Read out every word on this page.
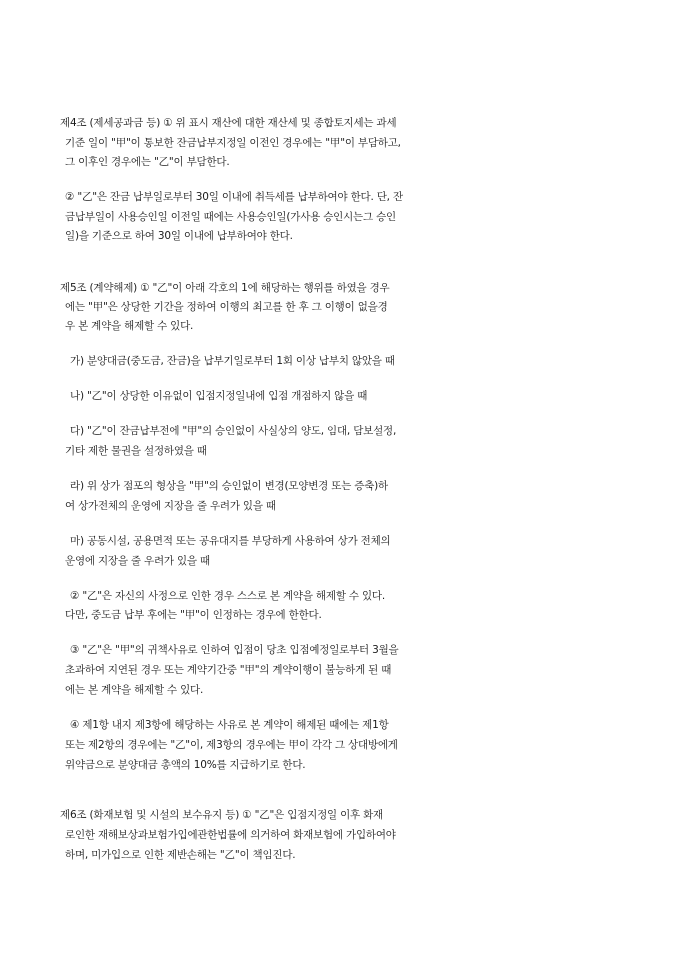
제4조 (제세공과금 등) ① 위 표시 재산에 대한 재산세 및 종합토지세는 과세
기준 일이 "甲"이 통보한 잔금납부지정일 이전인 경우에는 "甲"이 부담하고,
그 이후인 경우에는 "乙"이 부담한다.
② "乙"은 잔금 납부일로부터 30일 이내에 취득세를 납부하여야 한다. 단, 잔
금납부일이 사용승인일 이전일 때에는 사용승인일(가사용 승인시는그 승인
일)을 기준으로 하여 30일 이내에 납부하여야 한다.
제5조 (계약해제) ① "乙"이 아래 각호의 1에 해당하는 행위를 하였을 경우
에는 "甲"은 상당한 기간을 정하여 이행의 최고를 한 후 그 이행이 없을경
우 본 계약을 해제할 수 있다.
가) 분양대금(중도금, 잔금)을 납부기일로부터 1회 이상 납부치 않았을 때
나) "乙"이 상당한 이유없이 입점지정일내에 입점 개점하지 않을 때
다) "乙"이 잔금납부전에 "甲"의 승인없이 사실상의 양도, 임대, 담보설정,
기타 제한 물권을 설정하였을 때
라) 위 상가 점포의 형상을 "甲"의 승인없이 변경(모양변경 또는 증축)하
여 상가전체의 운영에 지장을 줄 우려가 있을 때
마) 공동시설, 공용면적 또는 공유대지를 부당하게 사용하여 상가 전체의
운영에 지장을 줄 우려가 있을 때
② "乙"은 자신의 사정으로 인한 경우 스스로 본 계약을 해제할 수 있다.
다만, 중도금 납부 후에는 "甲"이 인정하는 경우에 한한다.
③ "乙"은 "甲"의 귀책사유로 인하여 입점이 당초 입점예정일로부터 3월을
초과하여 지연된 경우 또는 계약기간중 "甲"의 계약이행이 불능하게 된 때
에는 본 계약을 해제할 수 있다.
④ 제1항 내지 제3항에 해당하는 사유로 본 계약이 해제된 때에는 제1항
또는 제2항의 경우에는 "乙"이, 제3항의 경우에는 甲이 각각 그 상대방에게
위약금으로 분양대금 총액의 10%를 지급하기로 한다.
제6조 (화재보험 및 시설의 보수유지 등) ① "乙"은 입점지정일 이후 화재
로인한 재해보상과보험가입에관한법률에 의거하여 화재보험에 가입하여야
하며, 미가입으로 인한 제반손해는 "乙"이 책임진다.
